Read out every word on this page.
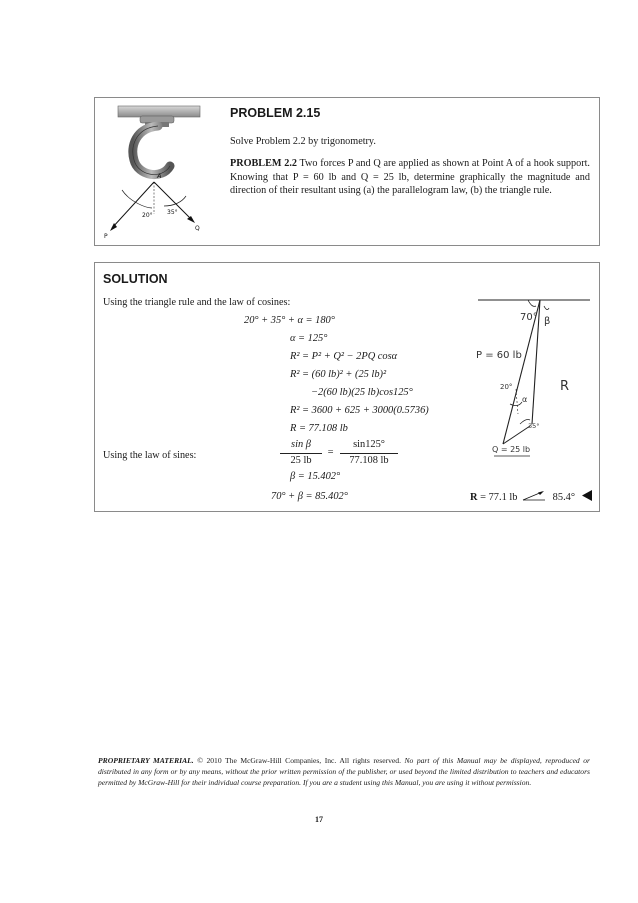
A
20° 35°
P
Q
PROBLEM 2.15
Solve Problem 2.2 by trigonometry.
PROBLEM 2.2 Two forces P and Q are applied as shown at Point A of a hook support. Knowing that P = 60 lb and Q = 25 lb, determine graphically the magnitude and direction of their resultant using (a) the parallelogram law, (b) the triangle rule.
SOLUTION
Using the triangle rule and the law of cosines:
20° + 35° + α = 180°
α = 125°
R² = P² + Q² − 2PQ cosα
R² = (60 lb)² + (25 lb)²
−2(60 lb)(25 lb)cos125°
R² = 3600 + 625 + 3000(0.5736)
R = 77.108 lb
Using the law of sines:
sin β
25 lb
=
sin125°
77.108 lb
β = 15.402°
70° + β = 85.402°	R = 77.1 lb	85.4°
70° β
P = 60 lb
R
20°
α
35°
Q = 25 lb
PROPRIETARY MATERIAL. © 2010 The McGraw-Hill Companies, Inc. All rights reserved. No part of this Manual may be displayed, reproduced or distributed in any form or by any means, without the prior written permission of the publisher, or used beyond the limited distribution to teachers and educators permitted by McGraw-Hill for their individual course preparation. If you are a student using this Manual, you are using it without permission.
17
